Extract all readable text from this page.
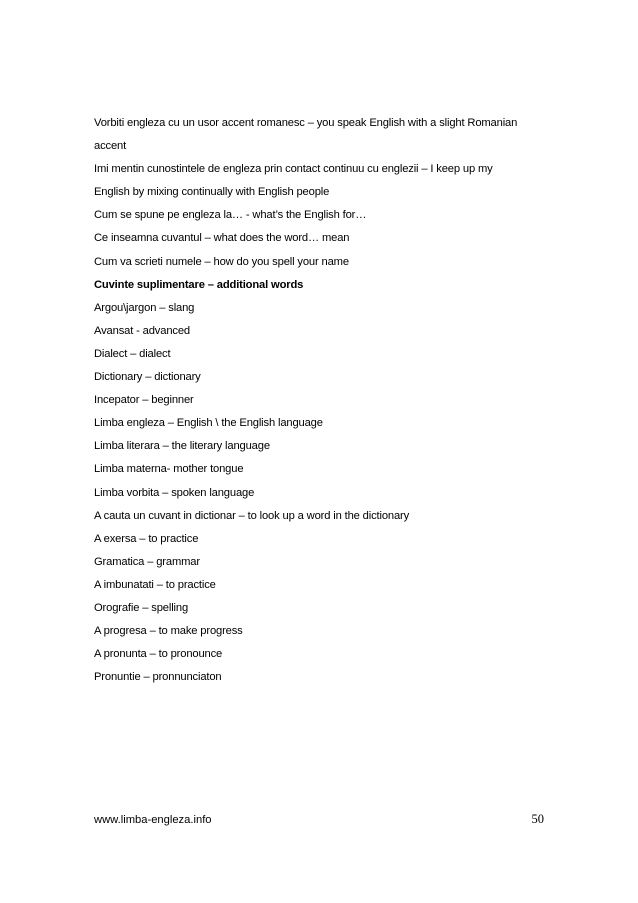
Vorbiti engleza cu un usor accent romanesc – you speak English with a slight Romanian
accent
Imi mentin cunostintele de engleza prin contact continuu cu englezii – I keep up my
English by mixing continually with English people
Cum se spune pe engleza la… - what’s the English for…
Ce inseamna cuvantul – what does the word… mean
Cum va scrieti numele – how do you spell your name
Cuvinte suplimentare – additional words
Argou\jargon – slang
Avansat - advanced
Dialect – dialect
Dictionary – dictionary
Incepator – beginner
Limba engleza – English \ the English language
Limba literara – the literary language
Limba materna- mother tongue
Limba vorbita – spoken language
A cauta un cuvant in dictionar – to look up a word in the dictionary
A exersa – to practice
Gramatica – grammar
A imbunatati – to practice
Orografie – spelling
A progresa – to make progress
A pronunta – to pronounce
Pronuntie – pronnunciaton
www.limba-engleza.info	50
